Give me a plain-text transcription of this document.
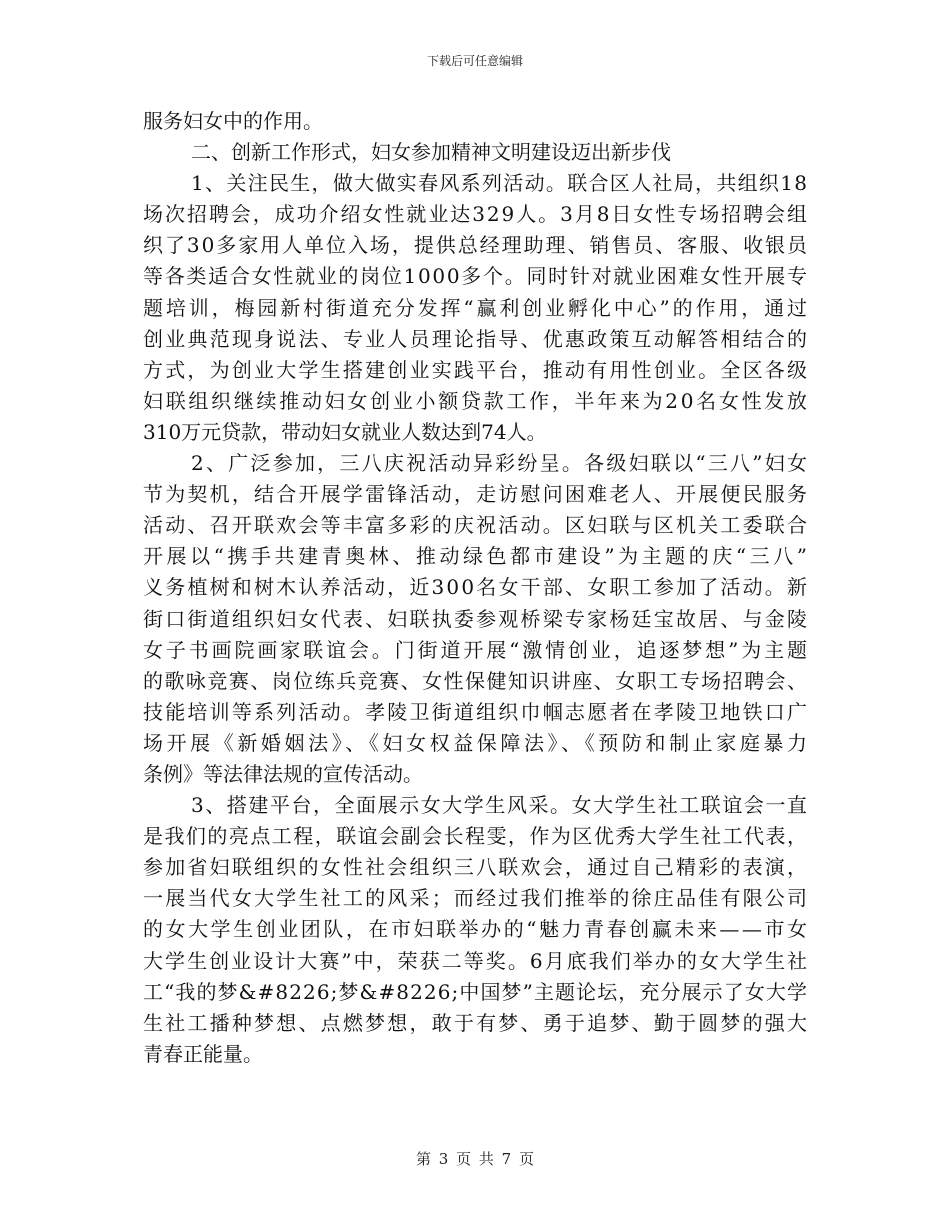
下载后可任意编辑
服务妇女中的作用。
二、创新工作形式，妇女参加精神文明建设迈出新步伐
1、关注民生，做大做实春风系列活动。联合区人社局，共组织18
场次招聘会，成功介绍女性就业达329人。3月8日女性专场招聘会组
织了30多家用人单位入场，提供总经理助理、销售员、客服、收银员
等各类适合女性就业的岗位1000多个。同时针对就业困难女性开展专
题培训，梅园新村街道充分发挥“赢利创业孵化中心”的作用，通过
创业典范现身说法、专业人员理论指导、优惠政策互动解答相结合的
方式，为创业大学生搭建创业实践平台，推动有用性创业。全区各级
妇联组织继续推动妇女创业小额贷款工作，半年来为20名女性发放
310万元贷款，带动妇女就业人数达到74人。
2、广泛参加，三八庆祝活动异彩纷呈。各级妇联以“三八”妇女
节为契机，结合开展学雷锋活动，走访慰问困难老人、开展便民服务
活动、召开联欢会等丰富多彩的庆祝活动。区妇联与区机关工委联合
开展以“携手共建青奥林、推动绿色都市建设”为主题的庆“三八”
义务植树和树木认养活动，近300名女干部、女职工参加了活动。新
街口街道组织妇女代表、妇联执委参观桥梁专家杨廷宝故居、与金陵
女子书画院画家联谊会。门街道开展“激情创业，追逐梦想”为主题
的歌咏竞赛、岗位练兵竞赛、女性保健知识讲座、女职工专场招聘会、
技能培训等系列活动。孝陵卫街道组织巾帼志愿者在孝陵卫地铁口广
场开展《新婚姻法》、《妇女权益保障法》、《预防和制止家庭暴力
条例》等法律法规的宣传活动。
3、搭建平台，全面展示女大学生风采。女大学生社工联谊会一直
是我们的亮点工程，联谊会副会长程雯，作为区优秀大学生社工代表，
参加省妇联组织的女性社会组织三八联欢会，通过自己精彩的表演，
一展当代女大学生社工的风采；而经过我们推举的徐庄品佳有限公司
的女大学生创业团队，在市妇联举办的“魅力青春创赢未来——市女
大学生创业设计大赛”中，荣获二等奖。6月底我们举办的女大学生社
工“我的梦&#8226;梦&#8226;中国梦”主题论坛，充分展示了女大学
生社工播种梦想、点燃梦想，敢于有梦、勇于追梦、勤于圆梦的强大
青春正能量。
第 3 页 共 7 页
